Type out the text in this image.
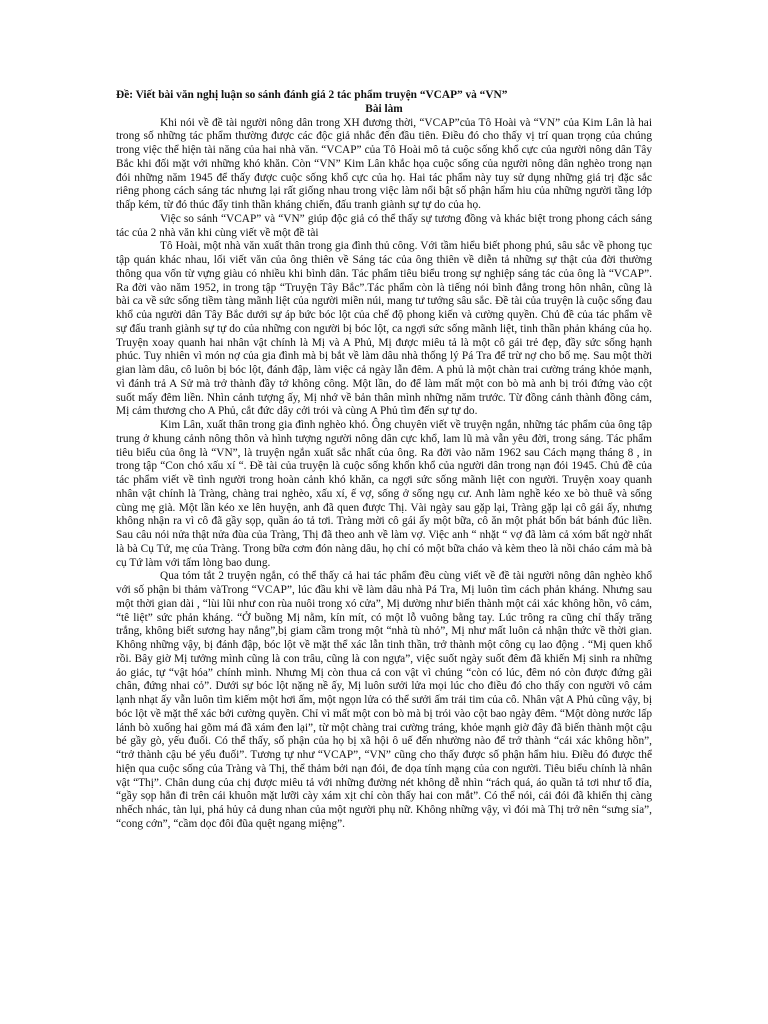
Đề: Viết bài văn nghị luận so sánh đánh giá 2 tác phẩm truyện “VCAP” và “VN”

Bài làm

Khi nói về đề tài người nông dân trong XH đương thời, “VCAP”của Tô Hoài và “VN” của Kim Lân là hai trong số những tác phẩm thường được các độc giả nhắc đến đầu tiên. Điều đó cho thấy vị trí quan trọng của chúng trong việc thể hiện tài năng của hai nhà văn. “VCAP” của Tô Hoài mô tả cuộc sống khổ cực của người nông dân Tây Bắc khi đối mặt với những khó khăn. Còn “VN” Kim Lân khắc họa cuộc sống của người nông dân nghèo trong nạn đói những năm 1945 để thấy được cuộc sống khổ cực của họ. Hai tác phẩm này tuy sử dụng những giá trị đặc sắc riêng phong cách sáng tác nhưng lại rất giống nhau trong việc làm nổi bật số phận hẩm hiu của những người tầng lớp thấp kém, từ đó thúc đẩy tinh thần kháng chiến, đấu tranh giành sự tự do của họ.

Việc so sánh “VCAP” và “VN” giúp độc giả có thể thấy sự tương đồng và khác biệt trong phong cách sáng tác của 2 nhà văn khi cùng viết về một đề tài

Tô Hoài, một nhà văn xuất thân trong gia đình thủ công. Với tầm hiểu biết phong phú, sâu sắc về phong tục tập quán khác nhau, lối viết văn của ông thiên về Sáng tác của ông thiên về diễn tả những sự thật của đời thường thông qua vốn từ vựng giàu có nhiều khi bình dân. Tác phẩm tiêu biểu trong sự nghiệp sáng tác của ông là “VCAP”. Ra đời vào năm 1952, in trong tập “Truyện Tây Bắc”.Tác phẩm còn là tiếng nói bình đẳng trong hôn nhân, cũng là bài ca về sức sống tiềm tàng mãnh liệt của người miền núi, mang tư tưởng sâu sắc. Đề tài của truyện là cuộc sống đau khổ của người dân Tây Bắc dưới sự áp bức bóc lột của chế độ phong kiến và cường quyền. Chủ đề của tác phẩm về sự đấu tranh giành sự tự do của những con người bị bóc lột, ca ngợi sức sống mãnh liệt, tinh thần phản kháng của họ. Truyện xoay quanh hai nhân vật chính là Mị và A Phủ, Mị được miêu tả là một cô gái trẻ đẹp, đầy sức sống hạnh phúc. Tuy nhiên vì món nợ của gia đình mà bị bắt về làm dâu nhà thống lý Pá Tra để trừ nợ cho bố mẹ. Sau một thời gian làm dâu, cô luôn bị bóc lột, đánh đập, làm việc cả ngày lẫn đêm. A phủ là một chàn trai cường tráng khỏe mạnh, vì đánh trả A Sử mà trở thành đầy tớ không công. Một lần, do để làm mất một con bò mà anh bị trói đứng vào cột suốt mấy đêm liền. Nhìn cảnh tượng ấy, Mị nhớ về bản thân mình những năm trước. Từ đồng cảnh thành đồng cảm, Mị cảm thương cho A Phủ, cắt đức dây cởi trói và cùng A Phủ tìm đến sự tự do.

Kim Lân, xuất thân trong gia đình nghèo khó. Ông chuyên viết về truyện ngắn, những tác phẩm của ông tập trung ở khung cảnh nông thôn và hình tượng người nông dân cực khổ, lam lũ mà vẫn yêu đời, trong sáng. Tác phẩm tiêu biểu của ông là “VN”, là truyện ngắn xuất sắc nhất của ông. Ra đời vào năm 1962 sau Cách mạng tháng 8 , in trong tập “Con chó xấu xí “. Đề tài của truyện là cuộc sống khốn khổ của người dân trong nạn đói 1945. Chủ đề của tác phẩm viết về tình người trong hoàn cảnh khó khăn, ca ngợi sức sống mãnh liệt con người. Truyện xoay quanh nhân vật chính là Tràng, chàng trai nghèo, xấu xí, ế vợ, sống ở sống ngụ cư. Anh làm nghề kéo xe bò thuê và sống cùng mẹ già. Một lần kéo xe lên huyện, anh đã quen được Thị. Vài ngày sau gặp lại, Tràng gặp lại cô gái ấy, nhưng không nhận ra vì cô đã gầy sọp, quần áo tả tơi. Tràng mời cô gái ấy một bữa, cô ăn một phát bốn bát bánh đúc liền. Sau câu nói nửa thật nửa đùa của Tràng, Thị đã theo anh về làm vợ. Việc anh “ nhặt “ vợ đã làm cả xóm bất ngờ nhất là bà Cụ Tứ, mẹ của Tràng. Trong bữa cơm đón nàng dâu, họ chỉ có một bữa cháo và kèm theo là nồi cháo cám mà bà cụ Tứ làm với tấm lòng bao dung.

Qua tóm tắt 2 truyện ngắn, có thể thấy cả hai tác phẩm đều cùng viết về đề tài người nông dân nghèo khổ với số phận bi thảm vàTrong “VCAP”, lúc đầu khi về làm dâu nhà Pá Tra, Mị luôn tìm cách phản kháng. Nhưng sau một thời gian dài , “lùi lũi như con rùa nuôi trong xó cửa”, Mị dường như biến thành một cái xác không hồn, vô cảm, “tê liệt” sức phản kháng. “Ở buồng Mị nằm, kín mít, có một lỗ vuông bằng tay. Lúc trông ra cũng chỉ thấy trăng trắng, không biết sương hay nắng”,bị giam cầm trong một “nhà tù nhỏ”, Mị như mất luôn cả nhận thức về thời gian. Không những vậy, bị đánh đập, bóc lột về mặt thể xác lẫn tinh thần, trở thành một công cụ lao động . “Mị quen khổ rồi. Bây giờ Mị tưởng mình cũng là con trâu, cũng là con ngựa”, việc suốt ngày suốt đêm đã khiến Mị sinh ra những ảo giác, tự “vật hóa” chính mình. Nhưng Mị còn thua cả con vật vì chúng “còn có lúc, đêm nó còn được đứng gãi chân, đứng nhai cỏ”. Dưới sự bóc lột nặng nề ấy, Mị luôn sưởi lửa mọi lúc cho điều đó cho thấy con người vô cảm lạnh nhạt ấy vẫn luôn tìm kiếm một hơi ấm, một ngọn lửa có thể sưởi ấm trái tim của cô. Nhân vật A Phủ cũng vậy, bị bóc lột về mặt thể xác bởi cường quyền. Chỉ vì mất một con bò mà bị trói vào cột bao ngày đêm. “Một dòng nước lấp lánh bò xuống hai gõm má đã xám đen lại”, từ một chàng trai cường tráng, khỏe mạnh giờ đây đã biến thành một cậu bé gầy gò, yếu đuối. Có thể thấy, số phận của họ bị xã hội ô uế đến nhường nào để trở thành “cái xác không hồn”, “trở thành cậu bé yếu đuối”. Tương tự như “VCAP”, “VN” cũng cho thấy được số phận hẩm hiu. Điều đó được thể hiện qua cuộc sống của Tràng và Thị, thể thảm bởi nạn đói, đe dọa tính mạng của con người. Tiêu biểu chính là nhân vật “Thị”. Chân dung của chị được miêu tả với những đường nét không dễ nhìn “rách quá, áo quần tả tơi như tổ đỉa, “gầy sọp hẳn đi trên cái khuôn mặt lưỡi cày xám xịt chỉ còn thấy hai con mắt”. Có thể nói, cái đói đã khiến thị càng nhếch nhác, tàn lụi, phá hủy cả dung nhan của một người phụ nữ. Không những vậy, vì đói mà Thị trở nên “sưng sỉa”, “cong cớn”, “cầm dọc đôi đũa quệt ngang miệng”.
